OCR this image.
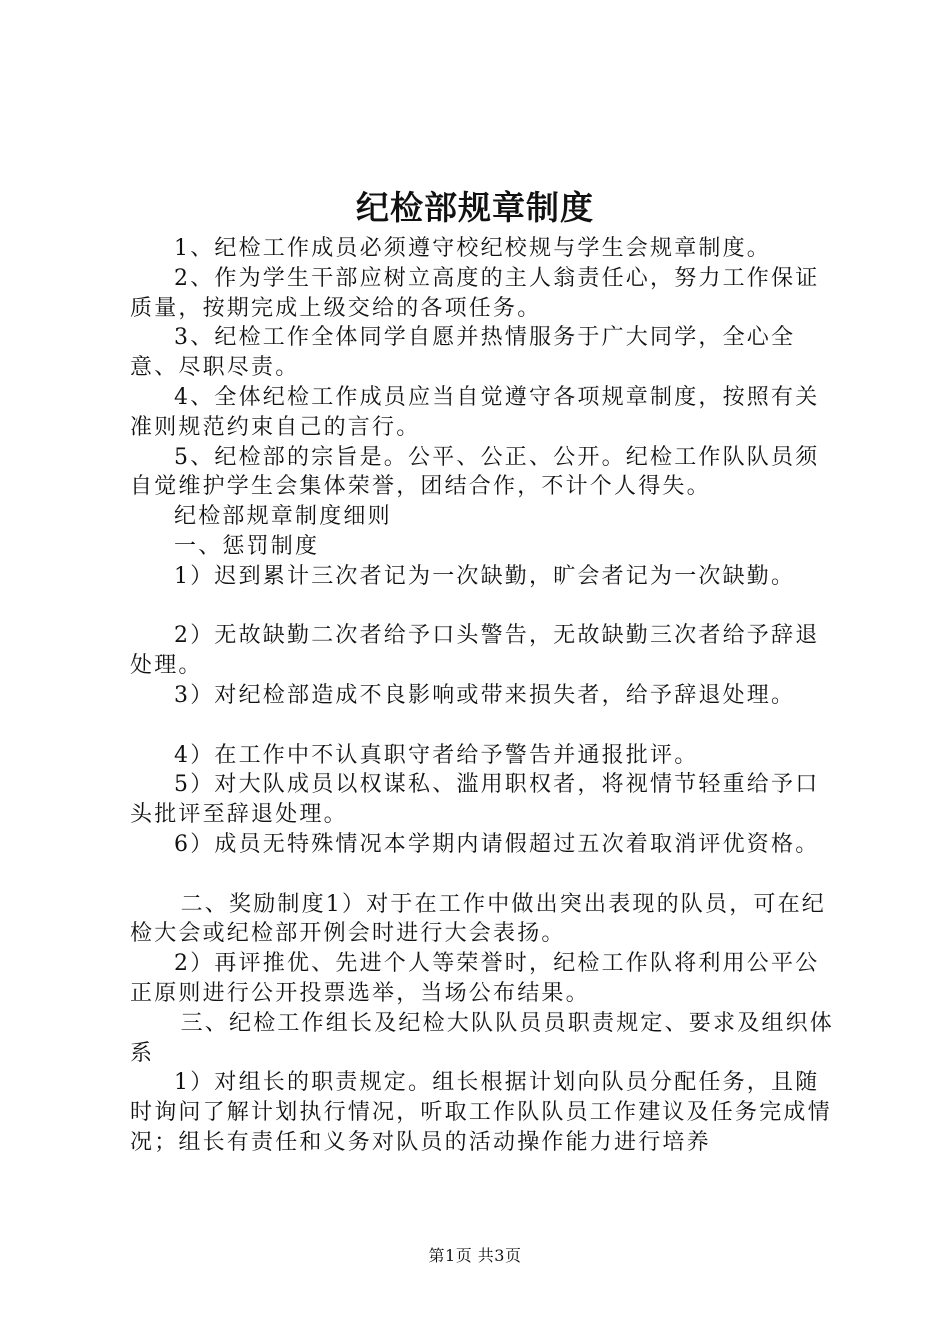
纪检部规章制度

1、纪检工作成员必须遵守校纪校规与学生会规章制度。

2、作为学生干部应树立高度的主人翁责任心，努力工作保证质量，按期完成上级交给的各项任务。

3、纪检工作全体同学自愿并热情服务于广大同学，全心全意、尽职尽责。

4、全体纪检工作成员应当自觉遵守各项规章制度，按照有关准则规范约束自己的言行。

5、纪检部的宗旨是。公平、公正、公开。纪检工作队队员须自觉维护学生会集体荣誉，团结合作，不计个人得失。

纪检部规章制度细则

一、惩罚制度

1）迟到累计三次者记为一次缺勤，旷会者记为一次缺勤。

2）无故缺勤二次者给予口头警告，无故缺勤三次者给予辞退处理。

3）对纪检部造成不良影响或带来损失者，给予辞退处理。

4）在工作中不认真职守者给予警告并通报批评。

5）对大队成员以权谋私、滥用职权者，将视情节轻重给予口头批评至辞退处理。

6）成员无特殊情况本学期内请假超过五次着取消评优资格。

二、奖励制度1）对于在工作中做出突出表现的队员，可在纪检大会或纪检部开例会时进行大会表扬。

2）再评推优、先进个人等荣誉时，纪检工作队将利用公平公正原则进行公开投票选举，当场公布结果。

三、纪检工作组长及纪检大队队员员职责规定、要求及组织体系

1）对组长的职责规定。组长根据计划向队员分配任务，且随时询问了解计划执行情况，听取工作队队员工作建议及任务完成情况；组长有责任和义务对队员的活动操作能力进行培养

第1页 共3页
